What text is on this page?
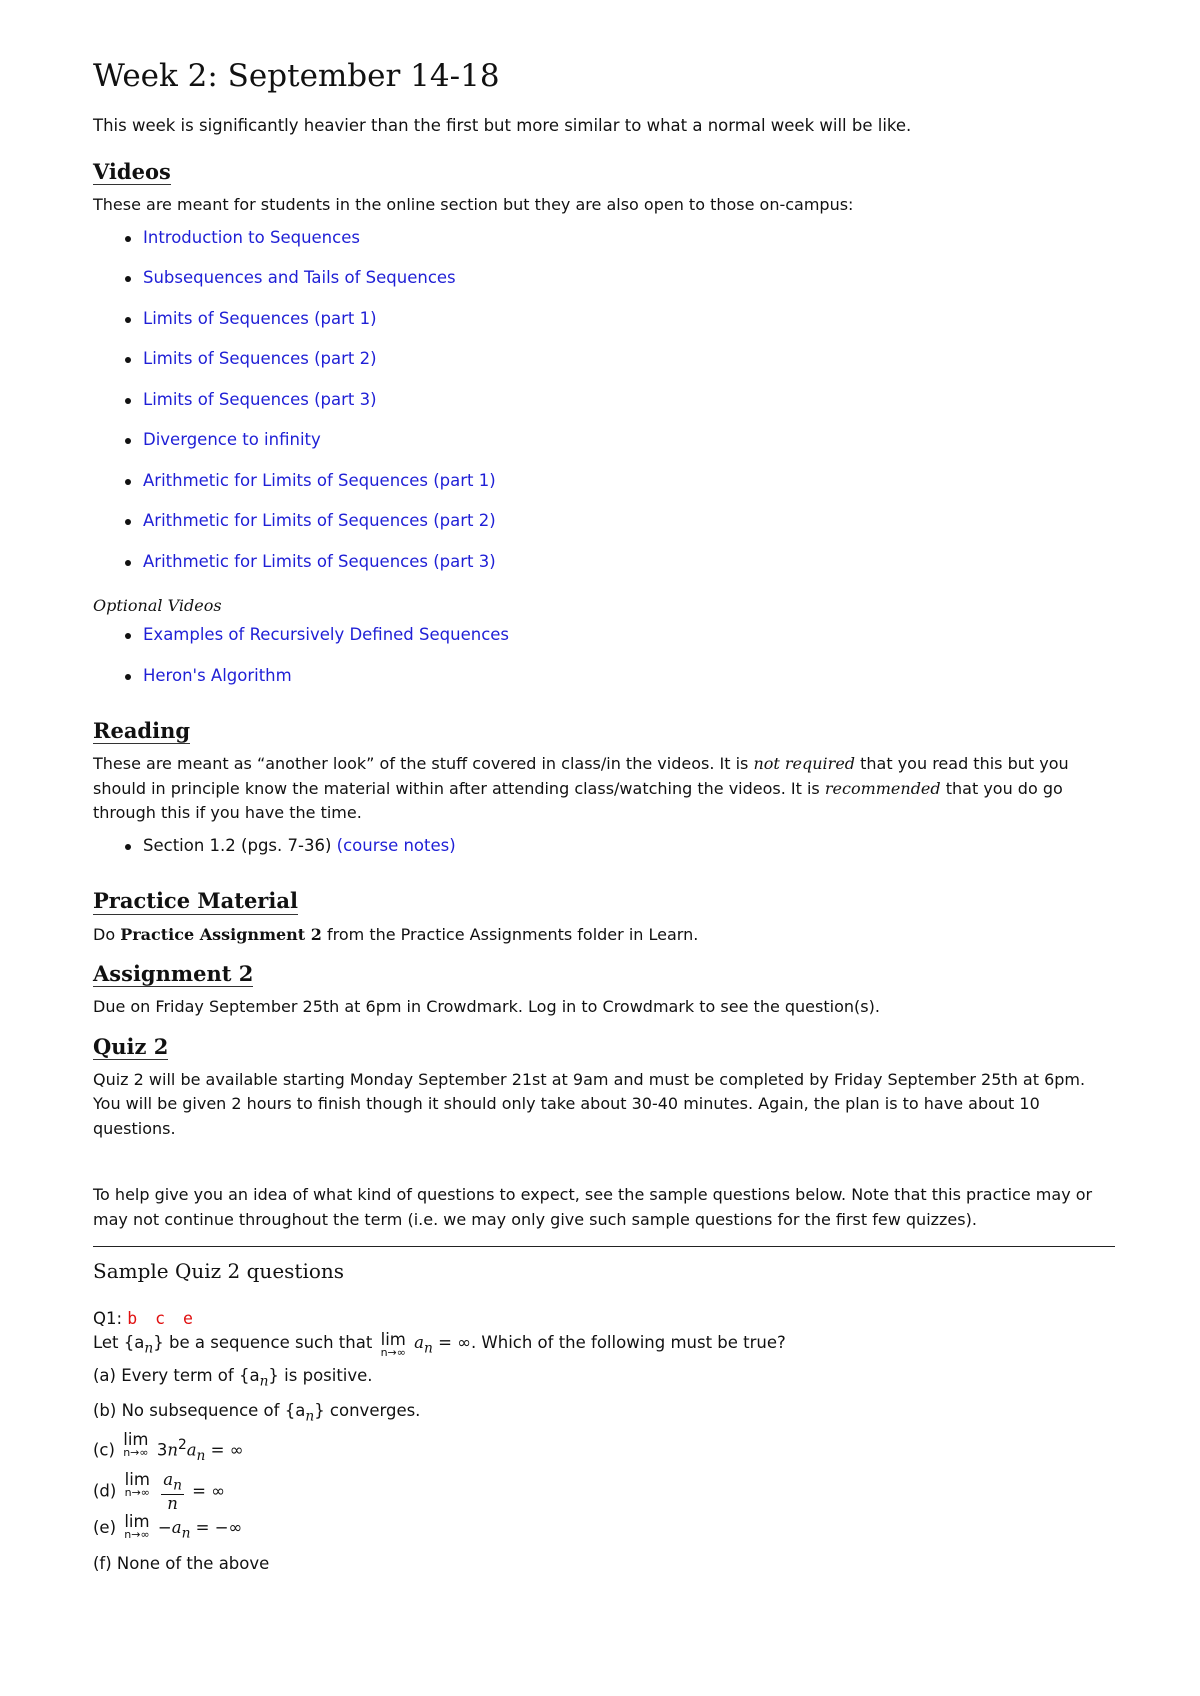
Week 2: September 14-18

This week is significantly heavier than the first but more similar to what a normal week will be like.

Videos

These are meant for students in the online section but they are also open to those on-campus:

Introduction to Sequences
Subsequences and Tails of Sequences
Limits of Sequences (part 1)
Limits of Sequences (part 2)
Limits of Sequences (part 3)
Divergence to infinity
Arithmetic for Limits of Sequences (part 1)
Arithmetic for Limits of Sequences (part 2)
Arithmetic for Limits of Sequences (part 3)
Optional Videos
Examples of Recursively Defined Sequences
Heron's Algorithm
Reading

These are meant as “another look” of the stuff covered in class/in the videos. It is not required that you read this but you should in principle know the material within after attending class/watching the videos. It is recommended that you do go through this if you have the time.

Section 1.2 (pgs. 7-36) (course notes)
Practice Material

Do Practice Assignment 2 from the Practice Assignments folder in Learn.

Assignment 2

Due on Friday September 25th at 6pm in Crowdmark. Log in to Crowdmark to see the question(s).

Quiz 2

Quiz 2 will be available starting Monday September 21st at 9am and must be completed by Friday September 25th at 6pm. You will be given 2 hours to finish though it should only take about 30-40 minutes. Again, the plan is to have about 10 questions.

To help give you an idea of what kind of questions to expect, see the sample questions below. Note that this practice may or may not continue throughout the term (i.e. we may only give such sample questions for the first few quizzes).

Sample Quiz 2 questions

Q1: b c e

Let $\{a_n\}$ be a sequence such that lim
n→∞
$a_n$ = ∞. Which of the following must be true?

(a) Every term of $\{a_n\}$ is positive.

(b) No subsequence of $\{a_n\}$ converges.

(c) lim
n→∞ $3n^2a_n$ = ∞

(d) lim
n→∞
$\frac{a_n}{n}$ = ∞

(e) lim
$n\to\infty -a_n$ = −∞

(f) None of the above
